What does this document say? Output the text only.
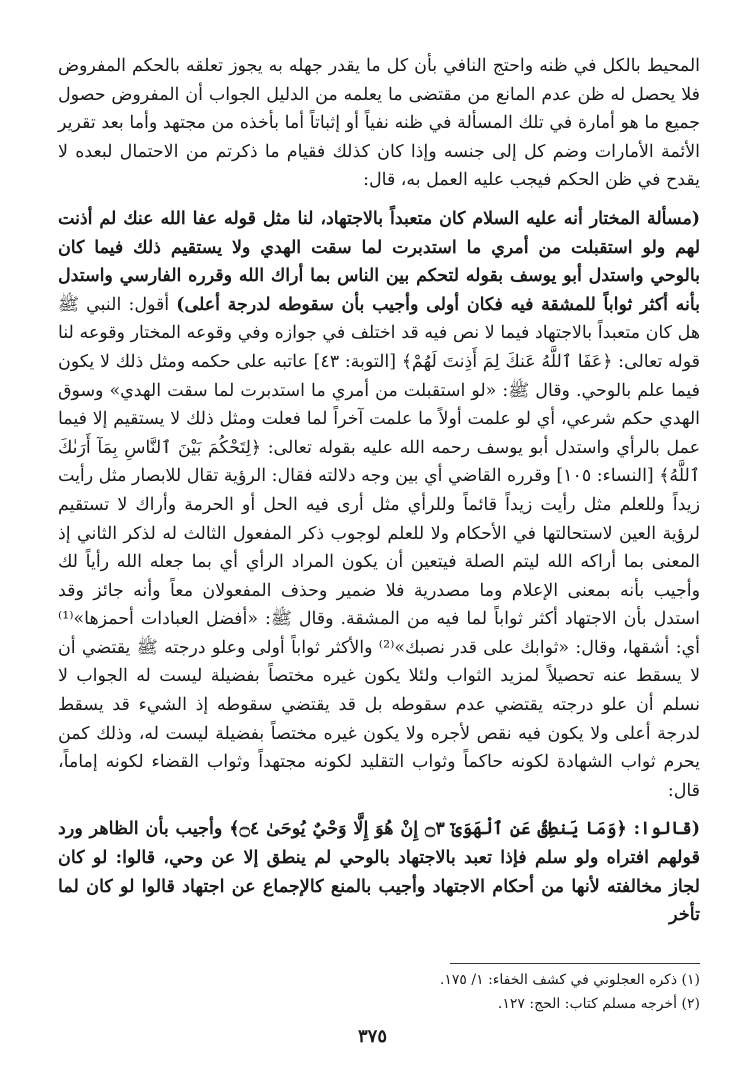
المحيط بالكل في ظنه واحتج النافي بأن كل ما يقدر جهله به يجوز تعلقه بالحكم المفروض فلا يحصل له ظن عدم المانع من مقتضى ما يعلمه من الدليل الجواب أن المفروض حصول جميع ما هو أمارة في تلك المسألة في ظنه نفياً أو إثباتاً أما بأخذه من مجتهد وأما بعد تقرير الأئمة الأمارات وضم كل إلى جنسه وإذا كان كذلك فقيام ما ذكرتم من الاحتمال لبعده لا يقدح في ظن الحكم فيجب عليه العمل به، قال:

(مسألة المختار أنه عليه السلام كان متعبداً بالاجتهاد، لنا مثل قوله عفا الله عنك لم أذنت لهم ولو استقبلت من أمري ما استدبرت لما سقت الهدي ولا يستقيم ذلك فيما كان بالوحي واستدل أبو يوسف بقوله لتحكم بين الناس بما أراك الله وقرره الفارسي واستدل بأنه أكثر ثواباً للمشقة فيه فكان أولى وأجيب بأن سقوطه لدرجة أعلى) أقول: النبي ﷺ هل كان متعبداً بالاجتهاد فيما لا نص فيه قد اختلف في جوازه وفي وقوعه المختار وقوعه لنا قوله تعالى: ﴿عَفَا ٱللَّهُ عَنكَ لِمَ أَذِنتَ لَهُمْ﴾ [التوبة: ٤٣] عاتبه على حكمه ومثل ذلك لا يكون فيما علم بالوحي. وقال ﷺ: «لو استقبلت من أمري ما استدبرت لما سقت الهدي» وسوق الهدي حكم شرعي، أي لو علمت أولاً ما علمت آخراً لما فعلت ومثل ذلك لا يستقيم إلا فيما عمل بالرأي واستدل أبو يوسف رحمه الله عليه بقوله تعالى: ﴿لِتَحْكُمَ بَيْنَ ٱلنَّاسِ بِمَآ أَرَىٰكَ ٱللَّهُ﴾ [النساء: ١٠٥] وقرره القاضي أي بين وجه دلالته فقال: الرؤية تقال للابصار مثل رأيت زيداً وللعلم مثل رأيت زيداً قائماً وللرأي مثل أرى فيه الحل أو الحرمة وأراك لا تستقيم لرؤية العين لاستحالتها في الأحكام ولا للعلم لوجوب ذكر المفعول الثالث له لذكر الثاني إذ المعنى بما أراكه الله ليتم الصلة فيتعين أن يكون المراد الرأي أي بما جعله الله رأياً لك وأجيب بأنه بمعنى الإعلام وما مصدرية فلا ضمير وحذف المفعولان معاً وأنه جائز وقد استدل بأن الاجتهاد أكثر ثواباً لما فيه من المشقة. وقال ﷺ: «أفضل العبادات أحمزها»⁽¹⁾ أي: أشقها، وقال: «ثوابك على قدر نصبك»⁽²⁾ والأكثر ثواباً أولى وعلو درجته ﷺ يقتضي أن لا يسقط عنه تحصيلاً لمزيد الثواب ولئلا يكون غيره مختصاً بفضيلة ليست له الجواب لا نسلم أن علو درجته يقتضي عدم سقوطه بل قد يقتضي سقوطه إذ الشيء قد يسقط لدرجة أعلى ولا يكون فيه نقص لأجره ولا يكون غيره مختصاً بفضيلة ليست له، وذلك كمن يحرم ثواب الشهادة لكونه حاكماً وثواب التقليد لكونه مجتهداً وثواب القضاء لكونه إماماً، قال:

(قالوا: ﴿وَمَا يَنطِقُ عَنِ ٱلْهَوَىٰٓ ۝٣ إِنْ هُوَ إِلَّا وَحْيٌ يُوحَىٰ ۝٤﴾ وأجيب بأن الظاهر ورد قولهم افتراه ولو سلم فإذا تعبد بالاجتهاد بالوحي لم ينطق إلا عن وحي، قالوا: لو كان لجاز مخالفته لأنها من أحكام الاجتهاد وأجيب بالمنع كالإجماع عن اجتهاد قالوا لو كان لما تأخر

(١) ذكره العجلوني في كشف الخفاء: ١/ ١٧٥.
(٢) أخرجه مسلم كتاب: الحج: ١٢٧.
٣٧٥
